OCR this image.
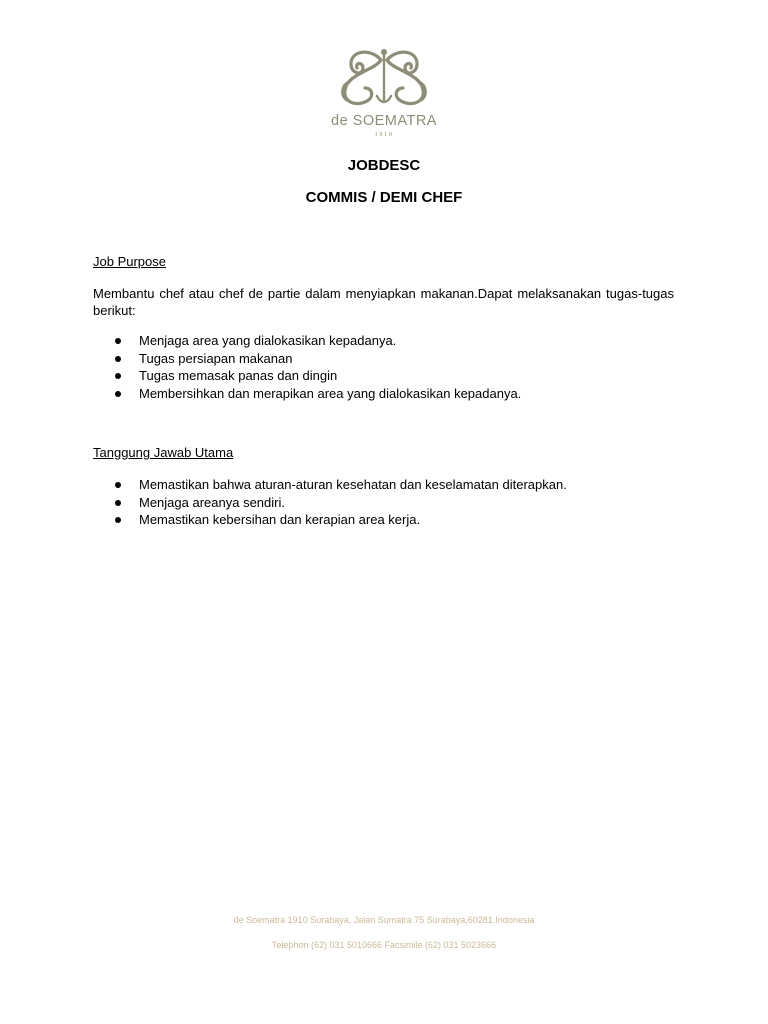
de SOEMATRA
1910
JOBDESC
COMMIS / DEMI CHEF
Job Purpose
Membantu chef atau chef de partie dalam menyiapkan makanan.Dapat melaksanakan tugas-tugas berikut:
Menjaga area yang dialokasikan kepadanya.
Tugas persiapan makanan
Tugas memasak panas dan dingin
Membersihkan dan merapikan area yang dialokasikan kepadanya.
Tanggung Jawab Utama
Memastikan bahwa aturan-aturan kesehatan dan keselamatan diterapkan.
Menjaga areanya sendiri.
Memastikan kebersihan dan kerapian area kerja.
de Soematra 1910 Surabaya, Jalan Sumatra 75 Surabaya,60281,Indonesia
Telephon (62) 031 5010666 Facsimile (62) 031 5023666
